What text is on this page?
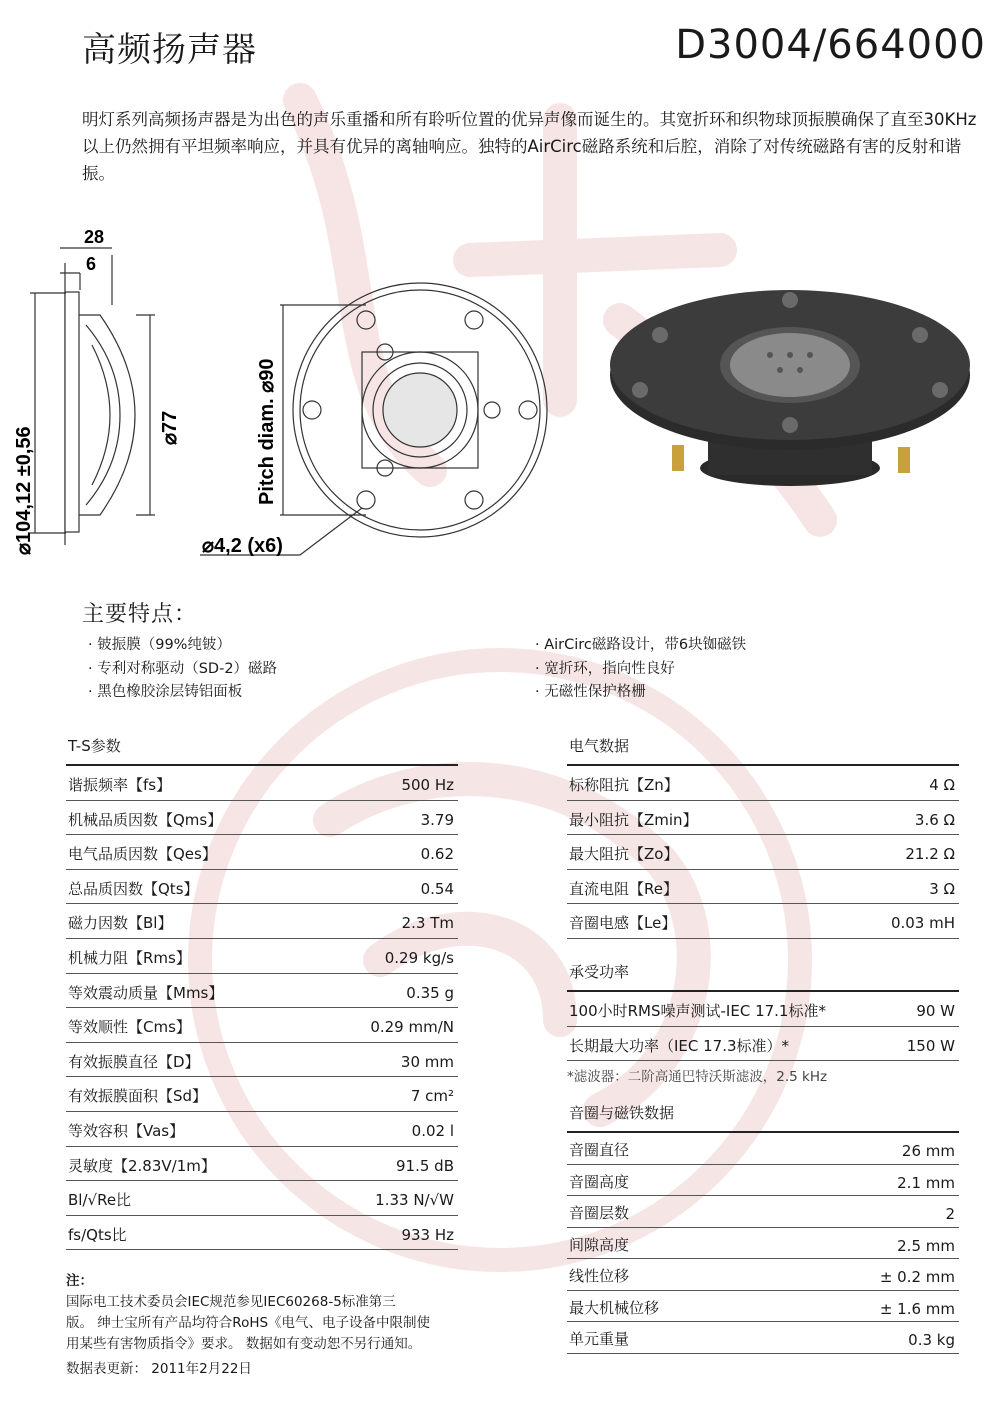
高频扬声器	D3004/664000
明灯系列高频扬声器是为出色的声乐重播和所有聆听位置的优异声像而诞生的。其宽折环和织物球顶振膜确保了直至30KHz以上仍然拥有平坦频率响应，并具有优异的离轴响应。独特的AirCirc磁路系统和后腔，消除了对传统磁路有害的反射和谐振。
28
6
⌀104,12 ±0,56	⌀77	Pitch diam. ⌀90
⌀4,2 (x6)
主要特点：
· 铍振膜（99%纯铍）
· 专利对称驱动（SD-2）磁路
· 黑色橡胶涂层铸铝面板
· AirCirc磁路设计，带6块铷磁铁
· 宽折环，指向性良好
· 无磁性保护格栅
T-S参数
谐振频率【fs】	500 Hz
机械品质因数【Qms】	3.79
电气品质因数【Qes】	0.62
总品质因数【Qts】	0.54
磁力因数【Bl】	2.3 Tm
机械力阻【Rms】	0.29 kg/s
等效震动质量【Mms】	0.35 g
等效顺性【Cms】	0.29 mm/N
有效振膜直径【D】	30 mm
有效振膜面积【Sd】	7 cm²
等效容积【Vas】	0.02 l
灵敏度【2.83V/1m】	91.5 dB
Bl/√Re比	1.33 N/√W
fs/Qts比	933 Hz
电气数据
标称阻抗【Zn】	4 Ω
最小阻抗【Zmin】	3.6 Ω
最大阻抗【Zo】	21.2 Ω
直流电阻【Re】	3 Ω
音圈电感【Le】	0.03 mH
承受功率
100小时RMS噪声测试-IEC 17.1标准*	90 W
长期最大功率（IEC 17.3标准）*	150 W
*滤波器：二阶高通巴特沃斯滤波，2.5 kHz
音圈与磁铁数据
音圈直径	26 mm
音圈高度	2.1 mm
音圈层数	2
间隙高度	2.5 mm
线性位移	± 0.2 mm
最大机械位移	± 1.6 mm
单元重量	0.3 kg
注：
国际电工技术委员会IEC规范参见IEC60268-5标准第三
版。 绅士宝所有产品均符合RoHS《电气、电子设备中限制使
用某些有害物质指令》要求。 数据如有变动恕不另行通知。
数据表更新： 2011年2月22日
